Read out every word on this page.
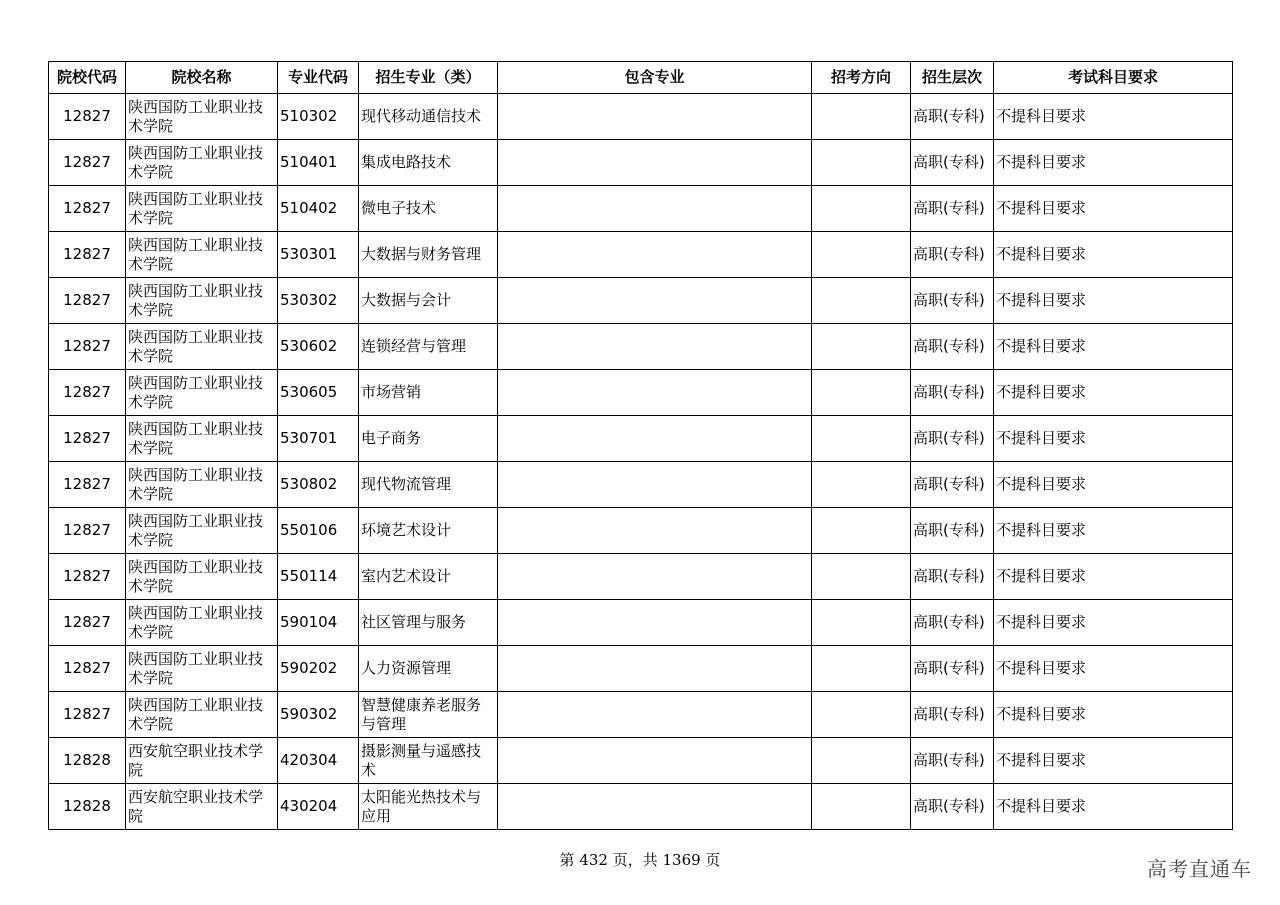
院校代码	院校名称	专业代码	招生专业（类）	包含专业	招考方向	招生层次	考试科目要求
12827	陕西国防工业职业技术学院	510302	现代移动通信技术			高职(专科)	不提科目要求
12827	陕西国防工业职业技术学院	510401	集成电路技术			高职(专科)	不提科目要求
12827	陕西国防工业职业技术学院	510402	微电子技术			高职(专科)	不提科目要求
12827	陕西国防工业职业技术学院	530301	大数据与财务管理			高职(专科)	不提科目要求
12827	陕西国防工业职业技术学院	530302	大数据与会计			高职(专科)	不提科目要求
12827	陕西国防工业职业技术学院	530602	连锁经营与管理			高职(专科)	不提科目要求
12827	陕西国防工业职业技术学院	530605	市场营销			高职(专科)	不提科目要求
12827	陕西国防工业职业技术学院	530701	电子商务			高职(专科)	不提科目要求
12827	陕西国防工业职业技术学院	530802	现代物流管理			高职(专科)	不提科目要求
12827	陕西国防工业职业技术学院	550106	环境艺术设计			高职(专科)	不提科目要求
12827	陕西国防工业职业技术学院	550114	室内艺术设计			高职(专科)	不提科目要求
12827	陕西国防工业职业技术学院	590104	社区管理与服务			高职(专科)	不提科目要求
12827	陕西国防工业职业技术学院	590202	人力资源管理			高职(专科)	不提科目要求
12827	陕西国防工业职业技术学院	590302	智慧健康养老服务与管理			高职(专科)	不提科目要求
12828	西安航空职业技术学院	420304	摄影测量与遥感技术			高职(专科)	不提科目要求
12828	西安航空职业技术学院	430204	太阳能光热技术与应用			高职(专科)	不提科目要求
第 432 页，共 1369 页	高考直通车
